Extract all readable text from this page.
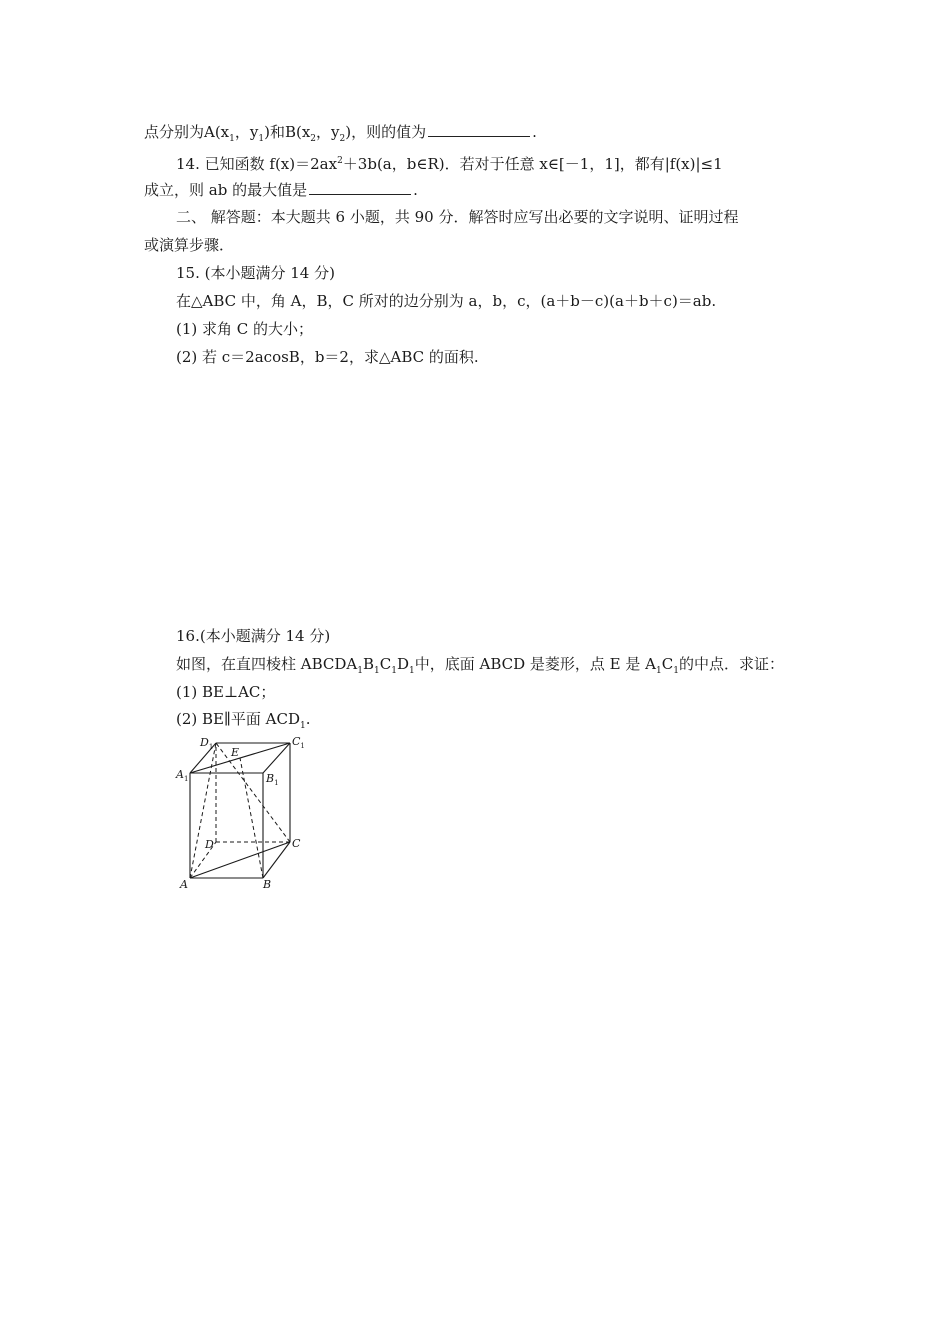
点分别为$A(x_1$，$y_1$)和$B(x_2$，$y_2$)，则的值为	.
14. 已知函数 $f(x)=2ax^2+3b(a$，b∈R)．若对于任意 x∈[－1，1]，都有|f(x)|≤1
成立，则 ab 的最大值是	.
二、 解答题：本大题共 6 小题，共 90 分．解答时应写出必要的文字说明、证明过程
或演算步骤．
15. (本小题满分 14 分)
在△ABC 中，角 A，B，C 所对的边分别为 a，b，c，(a＋b－c)(a＋b＋c)＝ab.
(1) 求角 C 的大小；
(2) 若 c＝2acosB，b＝2，求△ABC 的面积.
16.(本小题满分 14 分)
如图，在直四棱柱 $ABCDA_1B_1C_1D_1$中，底面 ABCD 是菱形，点 E 是 $A_1C_1$的中点．求证：
(1) BE⊥AC；
(2) BE∥平面 $ACD_1$.
$D_1$ E
$C_1$
$A_1$	$B_1$
D	C
A	B
